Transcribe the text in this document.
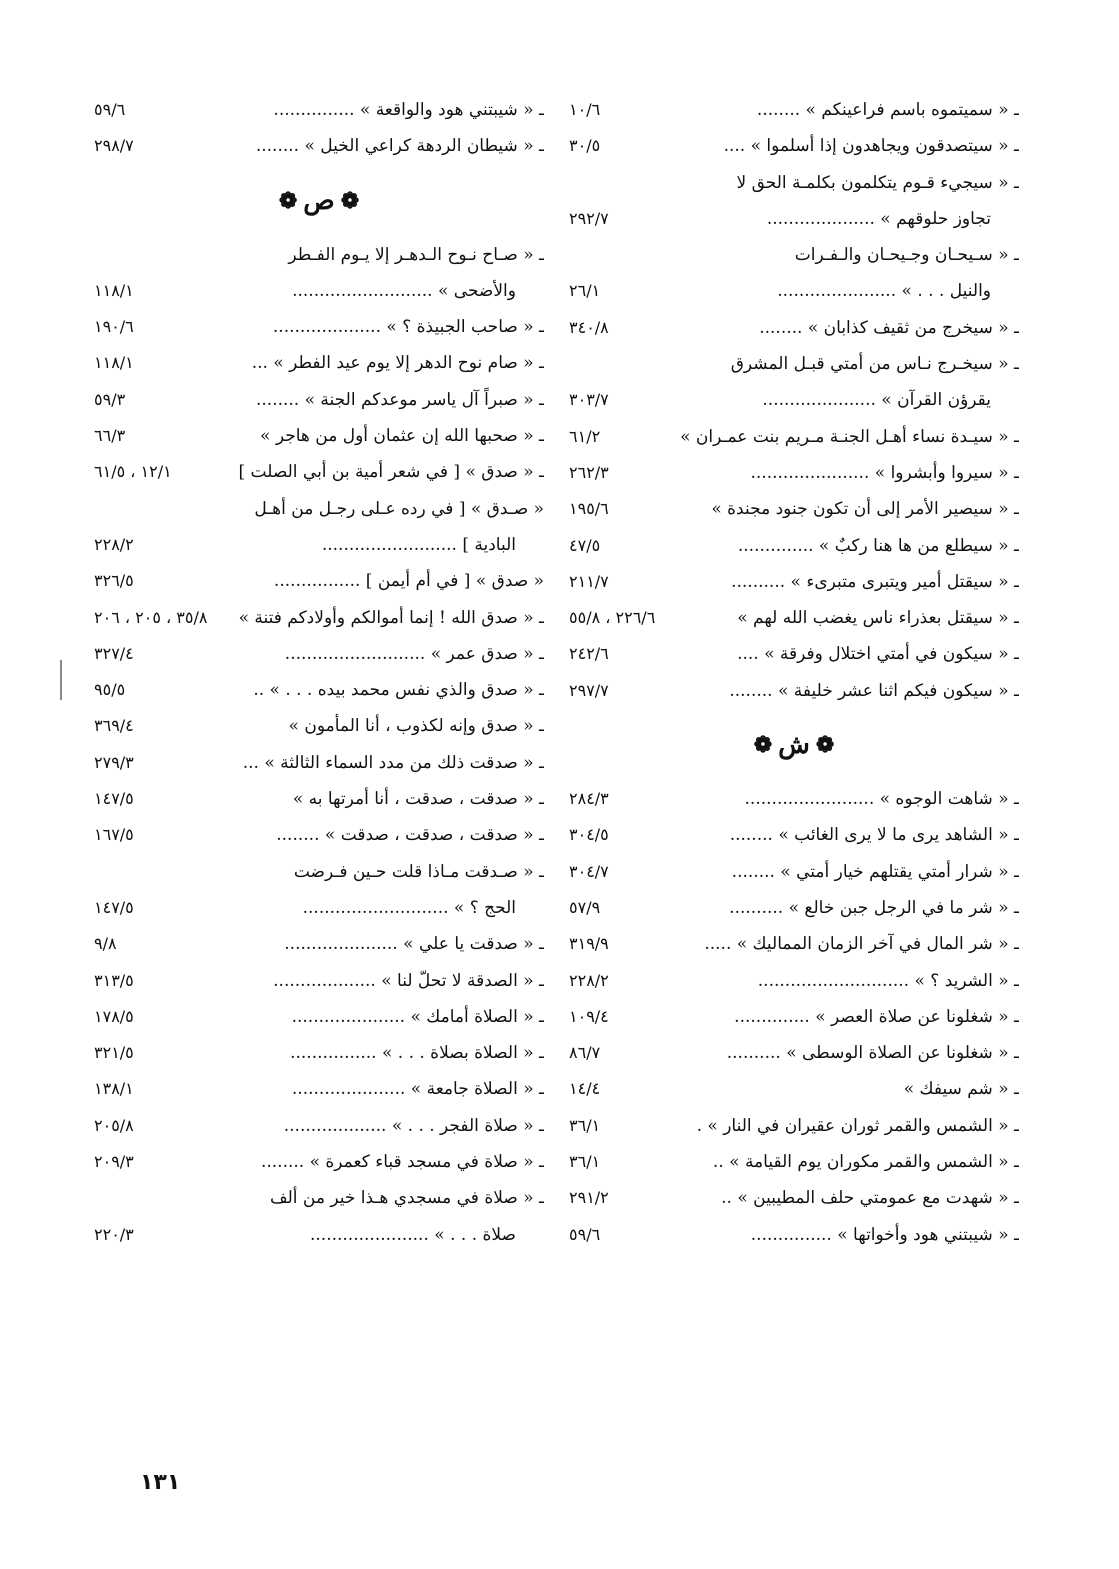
ـ « سميتموه باسم فراعينكم » ........
١٠/٦
ـ « سيتصدقون ويجاهدون إذا أسلموا » ....
٣٠/٥
ـ « سيجيء قـوم يتكلمون بكلمـة الحق لا
تجاوز حلوقهم » ....................
٢٩٢/٧
ـ « سـيحـان وجـيحـان والـفـرات
والنيل . . . » ......................
٢٦/١
ـ « سيخرج من ثقيف كذابان » ........
٣٤٠/٨
ـ « سيخـرج نـاس من أمتي قبـل المشرق
يقرؤن القرآن » .....................
٣٠٣/٧
ـ « سيـدة نساء أهـل الجنـة مـريم بنت عمـران »
٦١/٢
ـ « سيروا وأبشروا » ......................
٢٦٢/٣
ـ « سيصير الأمر إلى أن تكون جنود مجندة »
١٩٥/٦
ـ « سيطلع من ها هنا ركبٌ » ..............
٤٧/٥
ـ « سيقتل أمير ويتبرى متبرىء » ..........
٢١١/٧
ـ « سيقتل بعذراء ناس يغضب الله لهم »
٢٢٦/٦ ، ٥٥/٨
ـ « سيكون في أمتي اختلال وفرقة » ....
٢٤٢/٦
ـ « سيكون فيكم اثنا عشر خليفة » ........
٢٩٧/٧
❁
ش
❁
ـ « شاهت الوجوه » ........................
٢٨٤/٣
ـ « الشاهد يرى ما لا يرى الغائب » ........
٣٠٤/٥
ـ « شرار أمتي يقتلهم خيار أمتي » ........
٣٠٤/٧
ـ « شر ما في الرجل جبن خالع » ..........
٥٧/٩
ـ « شر المال في آخر الزمان المماليك » .....
٣١٩/٩
ـ « الشريد ؟ » ............................
٢٢٨/٢
ـ « شغلونا عن صلاة العصر » ..............
١٠٩/٤
ـ « شغلونا عن الصلاة الوسطى » ..........
٨٦/٧
ـ « شم سيفك »
١٤/٤
ـ « الشمس والقمر ثوران عقيران في النار » .
٣٦/١
ـ « الشمس والقمر مكوران يوم القيامة » ..
٣٦/١
ـ « شهدت مع عمومتي حلف المطيبين » ..
٢٩١/٢
ـ « شيبتني هود وأخواتها » ...............
٥٩/٦
ـ « شيبتني هود والواقعة » ...............
٥٩/٦
ـ « شيطان الردهة كراعي الخيل » ........
٢٩٨/٧
❁
ص
❁
ـ « صـاح نـوح الـدهـر إلا يـوم الفـطر
والأضحى » ..........................
١١٨/١
ـ « صاحب الجبيذة ؟ » ....................
١٩٠/٦
ـ « صام نوح الدهر إلا يوم عيد الفطر » ...
١١٨/١
ـ « صبراً آل ياسر موعدكم الجنة » ........
٥٩/٣
ـ « صحبها الله إن عثمان أول من هاجر »
٦٦/٣
ـ « صدق » [ في شعر أمية بن أبي الصلت ]
١٢/١ ، ٦١/٥
« صـدق » [ في رده عـلى رجـل من أهـل
البادية ] .........................
٢٢٨/٢
« صدق » [ في أم أيمن ] ................
٣٢٦/٥
ـ « صدق الله ! إنما أموالكم وأولادكم فتنة »
٣٥/٨ ، ٢٠٥ ، ٢٠٦
ـ « صدق عمر » ..........................
٣٢٧/٤
ـ « صدق والذي نفس محمد بيده . . . » ..
٩٥/٥
ـ « صدق وإنه لكذوب ، أنا المأمون »
٣٦٩/٤
ـ « صدقت ذلك من مدد السماء الثالثة » ...
٢٧٩/٣
ـ « صدقت ، صدقت ، أنا أمرتها به »
١٤٧/٥
ـ « صدقت ، صدقت ، صدقت » ........
١٦٧/٥
ـ « صـدقت مـاذا قلت حـين فـرضت
الحج ؟ » ...........................
١٤٧/٥
ـ « صدقت يا علي » .....................
٩/٨
ـ « الصدقة لا تحلّ لنا » ...................
٣١٣/٥
ـ « الصلاة أمامك » .....................
١٧٨/٥
ـ « الصلاة بصلاة . . . » ................
٣٢١/٥
ـ « الصلاة جامعة » .....................
١٣٨/١
ـ « صلاة الفجر . . . » ...................
٢٠٥/٨
ـ « صلاة في مسجد قباء كعمرة » ........
٢٠٩/٣
ـ « صلاة في مسجدي هـذا خير من ألف
صلاة . . . » ......................
٢٢٠/٣
١٣١
